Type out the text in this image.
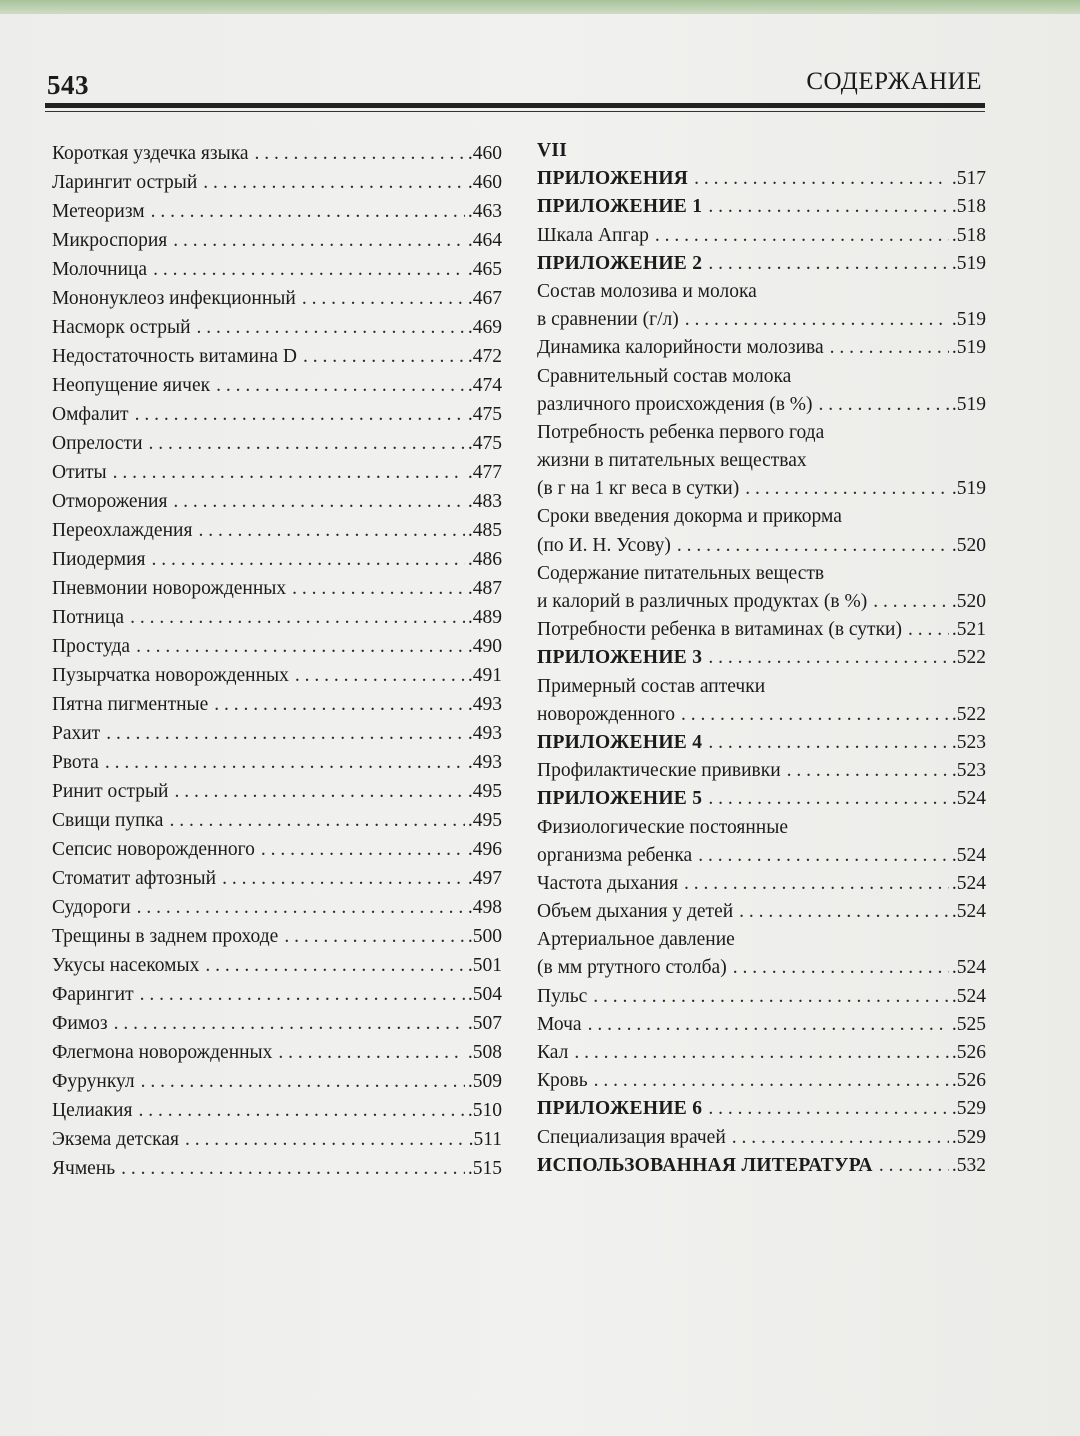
543	СОДЕРЖАНИЕ
Короткая уздечка языка . . .	.460
Ларингит острый . . .	.460
Метеоризм . . .	.463
Микроспория . . .	.464
Молочница . . .	.465
Мононуклеоз инфекционный . . .	.467
Насморк острый . . .	.469
Недостаточность витамина D . . .	.472
Неопущение яичек . . .	.474
Омфалит . . .	.475
Опрелости . . .	.475
Отиты . . .	.477
Отморожения . . .	.483
Переохлаждения . . .	.485
Пиодермия . . .	.486
Пневмонии новорожденных . . .	.487
Потница . . .	.489
Простуда . . .	.490
Пузырчатка новорожденных . . .	.491
Пятна пигментные . . .	.493
Рахит . . .	.493
Рвота . . .	.493
Ринит острый . . .	.495
Свищи пупка . . .	.495
Сепсис новорожденного . . .	.496
Стоматит афтозный . . .	.497
Судороги . . .	.498
Трещины в заднем проходе . . .	.500
Укусы насекомых . . .	.501
Фарингит . . .	.504
Фимоз . . .	.507
Флегмона новорожденных . . .	.508
Фурункул . . .	.509
Целиакия . . .	.510
Экзема детская . . .	.511
Ячмень . . .	.515
VII
ПРИЛОЖЕНИЯ . . .	.517
ПРИЛОЖЕНИЕ 1 . . .	.518
Шкала Апгар . . .	.518
ПРИЛОЖЕНИЕ 2 . . .	.519
Состав молозива и молока
в сравнении (г/л) . . .	.519
Динамика калорийности молозива . . .	.519
Сравнительный состав молока
различного происхождения (в %) . . .	.519
Потребность ребенка первого года
жизни в питательных веществах
(в г на 1 кг веса в сутки) . . .	.519
Сроки введения докорма и прикорма
(по И. Н. Усову) . . .	.520
Содержание питательных веществ
и калорий в различных продуктах (в %) . . .	.520
Потребности ребенка в витаминах (в сутки) . . .	.521
ПРИЛОЖЕНИЕ 3 . . .	.522
Примерный состав аптечки
новорожденного . . .	.522
ПРИЛОЖЕНИЕ 4 . . .	.523
Профилактические прививки . . .	.523
ПРИЛОЖЕНИЕ 5 . . .	.524
Физиологические постоянные
организма ребенка . . .	.524
Частота дыхания . . .	.524
Объем дыхания у детей . . .	.524
Артериальное давление
(в мм ртутного столба) . . .	.524
Пульс . . .	.524
Моча . . .	.525
Кал . . .	.526
Кровь . . .	.526
ПРИЛОЖЕНИЕ 6 . . .	.529
Специализация врачей . . .	.529
ИСПОЛЬЗОВАННАЯ ЛИТЕРАТУРА . . .	.532
